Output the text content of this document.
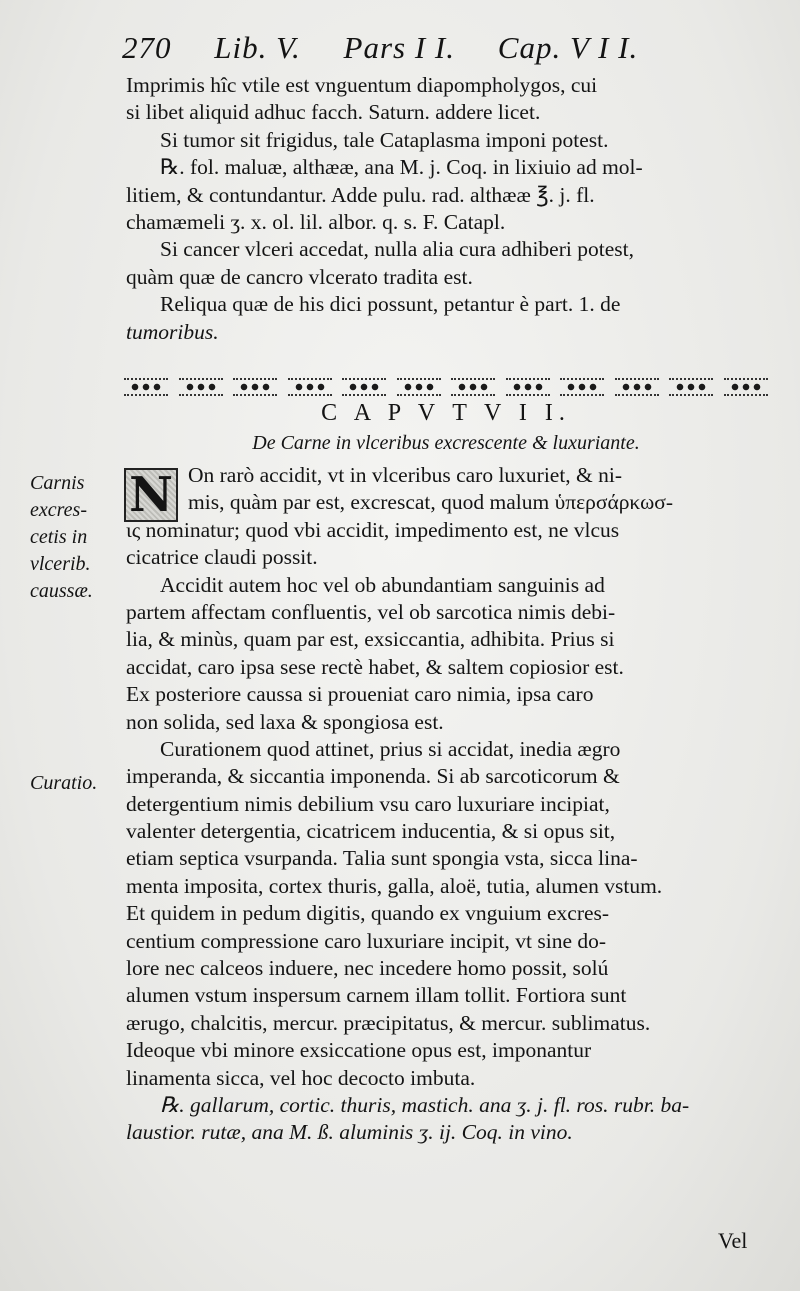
270 Lib. V. Pars I I. Cap. V I I.
Imprimis hîc vtile est vnguentum diapompholygos, cui
si libet aliquid adhuc facch. Saturn. addere licet.
Si tumor sit frigidus, tale Cataplasma imponi potest.
℞. fol. maluæ, althææ, ana M. j. Coq. in lixiuio ad mol-
litiem, & contundantur. Adde pulu. rad. althææ ℥. j. fl.
chamæmeli ʒ. x. ol. lil. albor. q. s. F. Catapl.
Si cancer vlceri accedat, nulla alia cura adhiberi potest,
quàm quæ de cancro vlcerato tradita est.
Reliqua quæ de his dici possunt, petantur è part. 1. de
tumoribus.
C A P V T V I I.
De Carne in vlceribus excrescente & luxuriante.
N On rarò accidit, vt in vlceribus caro luxuriet, & ni-
mis, quàm par est, excrescat, quod malum ὑπερσάρκωσ-
ις nominatur; quod vbi accidit, impedimento est, ne vlcus
cicatrice claudi possit.
Accidit autem hoc vel ob abundantiam sanguinis ad
partem affectam confluentis, vel ob sarcotica nimis debi-
lia, & minùs, quam par est, exsiccantia, adhibita. Prius si
accidat, caro ipsa sese rectè habet, & saltem copiosior est.
Ex posteriore caussa si proueniat caro nimia, ipsa caro
non solida, sed laxa & spongiosa est.
Curationem quod attinet, prius si accidat, inedia ægro
imperanda, & siccantia imponenda. Si ab sarcoticorum &
detergentium nimis debilium vsu caro luxuriare incipiat,
valenter detergentia, cicatricem inducentia, & si opus sit,
etiam septica vsurpanda. Talia sunt spongia vsta, sicca lina-
menta imposita, cortex thuris, galla, aloë, tutia, alumen vstum.
Et quidem in pedum digitis, quando ex vnguium excres-
centium compressione caro luxuriare incipit, vt sine do-
lore nec calceos induere, nec incedere homo possit, solú
alumen vstum inspersum carnem illam tollit. Fortiora sunt
ærugo, chalcitis, mercur. præcipitatus, & mercur. sublimatus.
Ideoque vbi minore exsiccatione opus est, imponantur
linamenta sicca, vel hoc decocto imbuta.
℞. gallarum, cortic. thuris, mastich. ana ʒ. j. fl. ros. rubr. ba-
laustior. rutæ, ana M. ß. aluminis ʒ. ij. Coq. in vino.
Carnis
excres-
cetis in
vlcerib.
caussæ.
Curatio.
Vel
